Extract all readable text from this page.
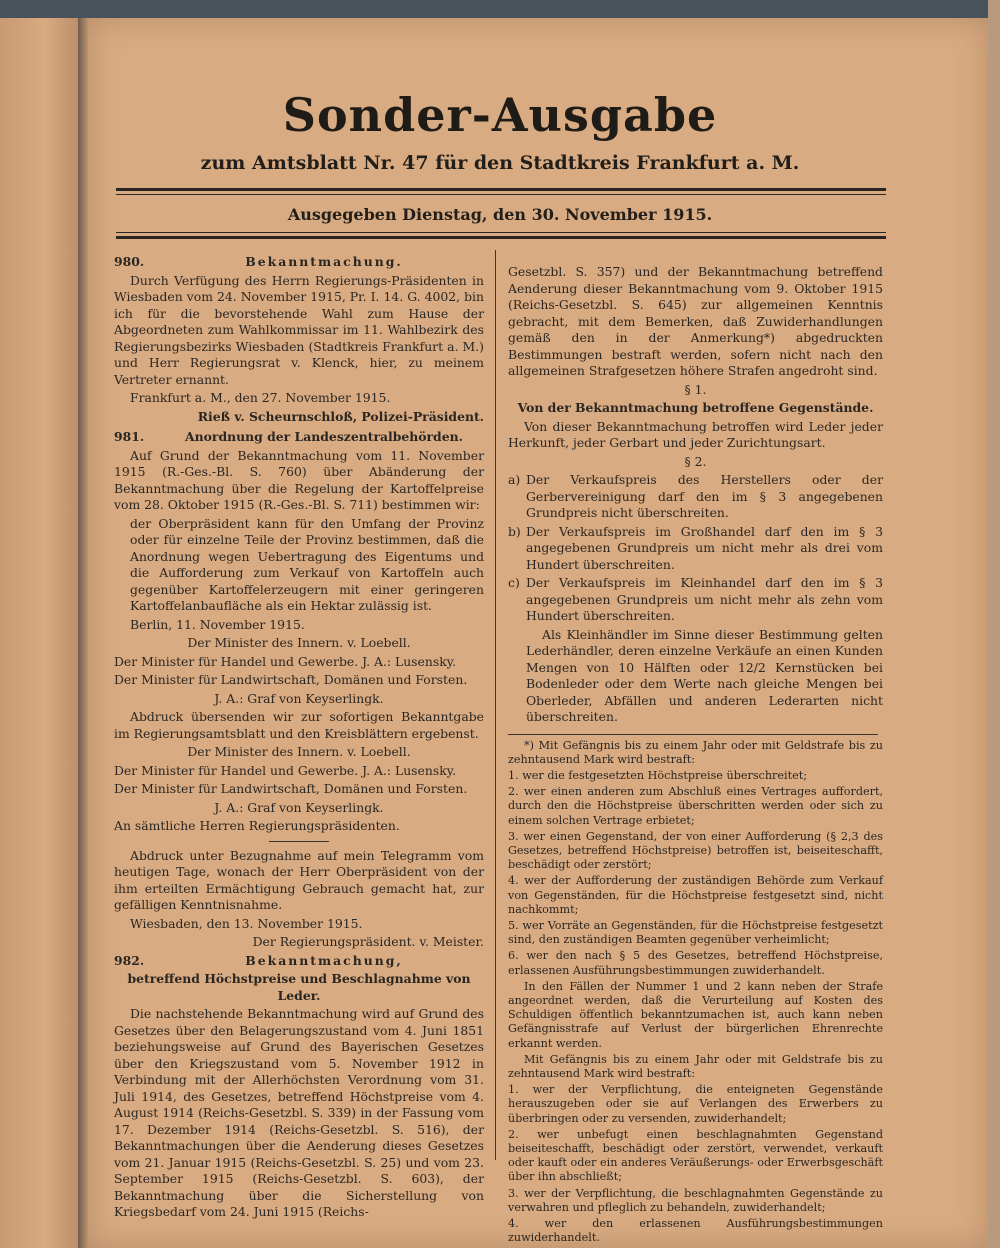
Sonder-Ausgabe
zum Amtsblatt Nr. 47 für den Stadtkreis Frankfurt a. M.
Ausgegeben Dienstag, den 30. November 1915.
980.	Bekanntmachung.

Durch Verfügung des Herrn Regierungs-Präsidenten in Wiesbaden vom 24. November 1915, Pr. I. 14. G. 4002, bin ich für die bevorstehende Wahl zum Hause der Abgeordneten zum Wahlkommissar im 11. Wahlbezirk des Regierungsbezirks Wiesbaden (Stadtkreis Frankfurt a. M.) und Herr Regierungsrat v. Klenck, hier, zu meinem Vertreter ernannt.

Frankfurt a. M., den 27. November 1915.

Rieß v. Scheurnschloß, Polizei-Präsident.

981.	Anordnung der Landeszentralbehörden.

Auf Grund der Bekanntmachung vom 11. November 1915 (R.-Ges.-Bl. S. 760) über Abänderung der Bekanntmachung über die Regelung der Kartoffelpreise vom 28. Oktober 1915 (R.-Ges.-Bl. S. 711) bestimmen wir:

der Oberpräsident kann für den Umfang der Provinz oder für einzelne Teile der Provinz bestimmen, daß die Anordnung wegen Uebertragung des Eigentums und die Aufforderung zum Verkauf von Kartoffeln auch gegenüber Kartoffelerzeugern mit einer geringeren Kartoffelanbaufläche als ein Hektar zulässig ist.

Berlin, 11. November 1915.

Der Minister des Innern. v. Loebell.

Der Minister für Handel und Gewerbe. J. A.: Lusensky.

Der Minister für Landwirtschaft, Domänen und Forsten.

J. A.: Graf von Keyserlingk.

Abdruck übersenden wir zur sofortigen Bekanntgabe im Regierungsamtsblatt und den Kreisblättern ergebenst.

Der Minister des Innern. v. Loebell.

Der Minister für Handel und Gewerbe. J. A.: Lusensky.

Der Minister für Landwirtschaft, Domänen und Forsten.

J. A.: Graf von Keyserlingk.

An sämtliche Herren Regierungspräsidenten.

Abdruck unter Bezugnahme auf mein Telegramm vom heutigen Tage, wonach der Herr Oberpräsident von der ihm erteilten Ermächtigung Gebrauch gemacht hat, zur gefälligen Kenntnisnahme.

Wiesbaden, den 13. November 1915.

Der Regierungspräsident. v. Meister.

982.	Bekanntmachung,

betreffend Höchstpreise und Beschlagnahme von Leder.

Die nachstehende Bekanntmachung wird auf Grund des Gesetzes über den Belagerungszustand vom 4. Juni 1851 beziehungsweise auf Grund des Bayerischen Gesetzes über den Kriegszustand vom 5. November 1912 in Verbindung mit der Allerhöchsten Verordnung vom 31. Juli 1914, des Gesetzes, betreffend Höchstpreise vom 4. August 1914 (Reichs-Gesetzbl. S. 339) in der Fassung vom 17. Dezember 1914 (Reichs-Gesetzbl. S. 516), der Bekanntmachungen über die Aenderung dieses Gesetzes vom 21. Januar 1915 (Reichs-Gesetzbl. S. 25) und vom 23. September 1915 (Reichs-Gesetzbl. S. 603), der Bekanntmachung über die Sicherstellung von Kriegsbedarf vom 24. Juni 1915 (Reichs-

Gesetzbl. S. 357) und der Bekanntmachung betreffend Aenderung dieser Bekanntmachung vom 9. Oktober 1915 (Reichs-Gesetzbl. S. 645) zur allgemeinen Kenntnis gebracht, mit dem Bemerken, daß Zuwiderhandlungen gemäß den in der Anmerkung*) abgedruckten Bestimmungen bestraft werden, sofern nicht nach den allgemeinen Strafgesetzen höhere Strafen angedroht sind.

§ 1.

Von der Bekanntmachung betroffene Gegenstände.

Von dieser Bekanntmachung betroffen wird Leder jeder Herkunft, jeder Gerbart und jeder Zurichtungsart.

§ 2.

a) Der Verkaufspreis des Herstellers oder der Gerbervereinigung darf den im § 3 angegebenen Grundpreis nicht überschreiten.
b) Der Verkaufspreis im Großhandel darf den im § 3 angegebenen Grundpreis um nicht mehr als drei vom Hundert überschreiten.
c) Der Verkaufspreis im Kleinhandel darf den im § 3 angegebenen Grundpreis um nicht mehr als zehn vom Hundert überschreiten.

Als Kleinhändler im Sinne dieser Bestimmung gelten Lederhändler, deren einzelne Verkäufe an einen Kunden Mengen von 10 Hälften oder 12/2 Kernstücken bei Bodenleder oder dem Werte nach gleiche Mengen bei Oberleder, Abfällen und anderen Lederarten nicht überschreiten.

*) Mit Gefängnis bis zu einem Jahr oder mit Geldstrafe bis zu zehntausend Mark wird bestraft:

1. wer die festgesetzten Höchstpreise überschreitet;

2. wer einen anderen zum Abschluß eines Vertrages auffordert, durch den die Höchstpreise überschritten werden oder sich zu einem solchen Vertrage erbietet;

3. wer einen Gegenstand, der von einer Aufforderung (§ 2,3 des Gesetzes, betreffend Höchstpreise) betroffen ist, beiseiteschafft, beschädigt oder zerstört;

4. wer der Aufforderung der zuständigen Behörde zum Verkauf von Gegenständen, für die Höchstpreise festgesetzt sind, nicht nachkommt;

5. wer Vorräte an Gegenständen, für die Höchstpreise festgesetzt sind, den zuständigen Beamten gegenüber verheimlicht;

6. wer den nach § 5 des Gesetzes, betreffend Höchstpreise, erlassenen Ausführungsbestimmungen zuwiderhandelt.

In den Fällen der Nummer 1 und 2 kann neben der Strafe angeordnet werden, daß die Verurteilung auf Kosten des Schuldigen öffentlich bekanntzumachen ist, auch kann neben Gefängnisstrafe auf Verlust der bürgerlichen Ehrenrechte erkannt werden.

Mit Gefängnis bis zu einem Jahr oder mit Geldstrafe bis zu zehntausend Mark wird bestraft:

1. wer der Verpflichtung, die enteigneten Gegenstände herauszugeben oder sie auf Verlangen des Erwerbers zu überbringen oder zu versenden, zuwiderhandelt;

2. wer unbefugt einen beschlagnahmten Gegenstand beiseiteschafft, beschädigt oder zerstört, verwendet, verkauft oder kauft oder ein anderes Veräußerungs- oder Erwerbsgeschäft über ihn abschließt;

3. wer der Verpflichtung, die beschlagnahmten Gegenstände zu verwahren und pfleglich zu behandeln, zuwiderhandelt;

4. wer den erlassenen Ausführungsbestimmungen zuwiderhandelt.
